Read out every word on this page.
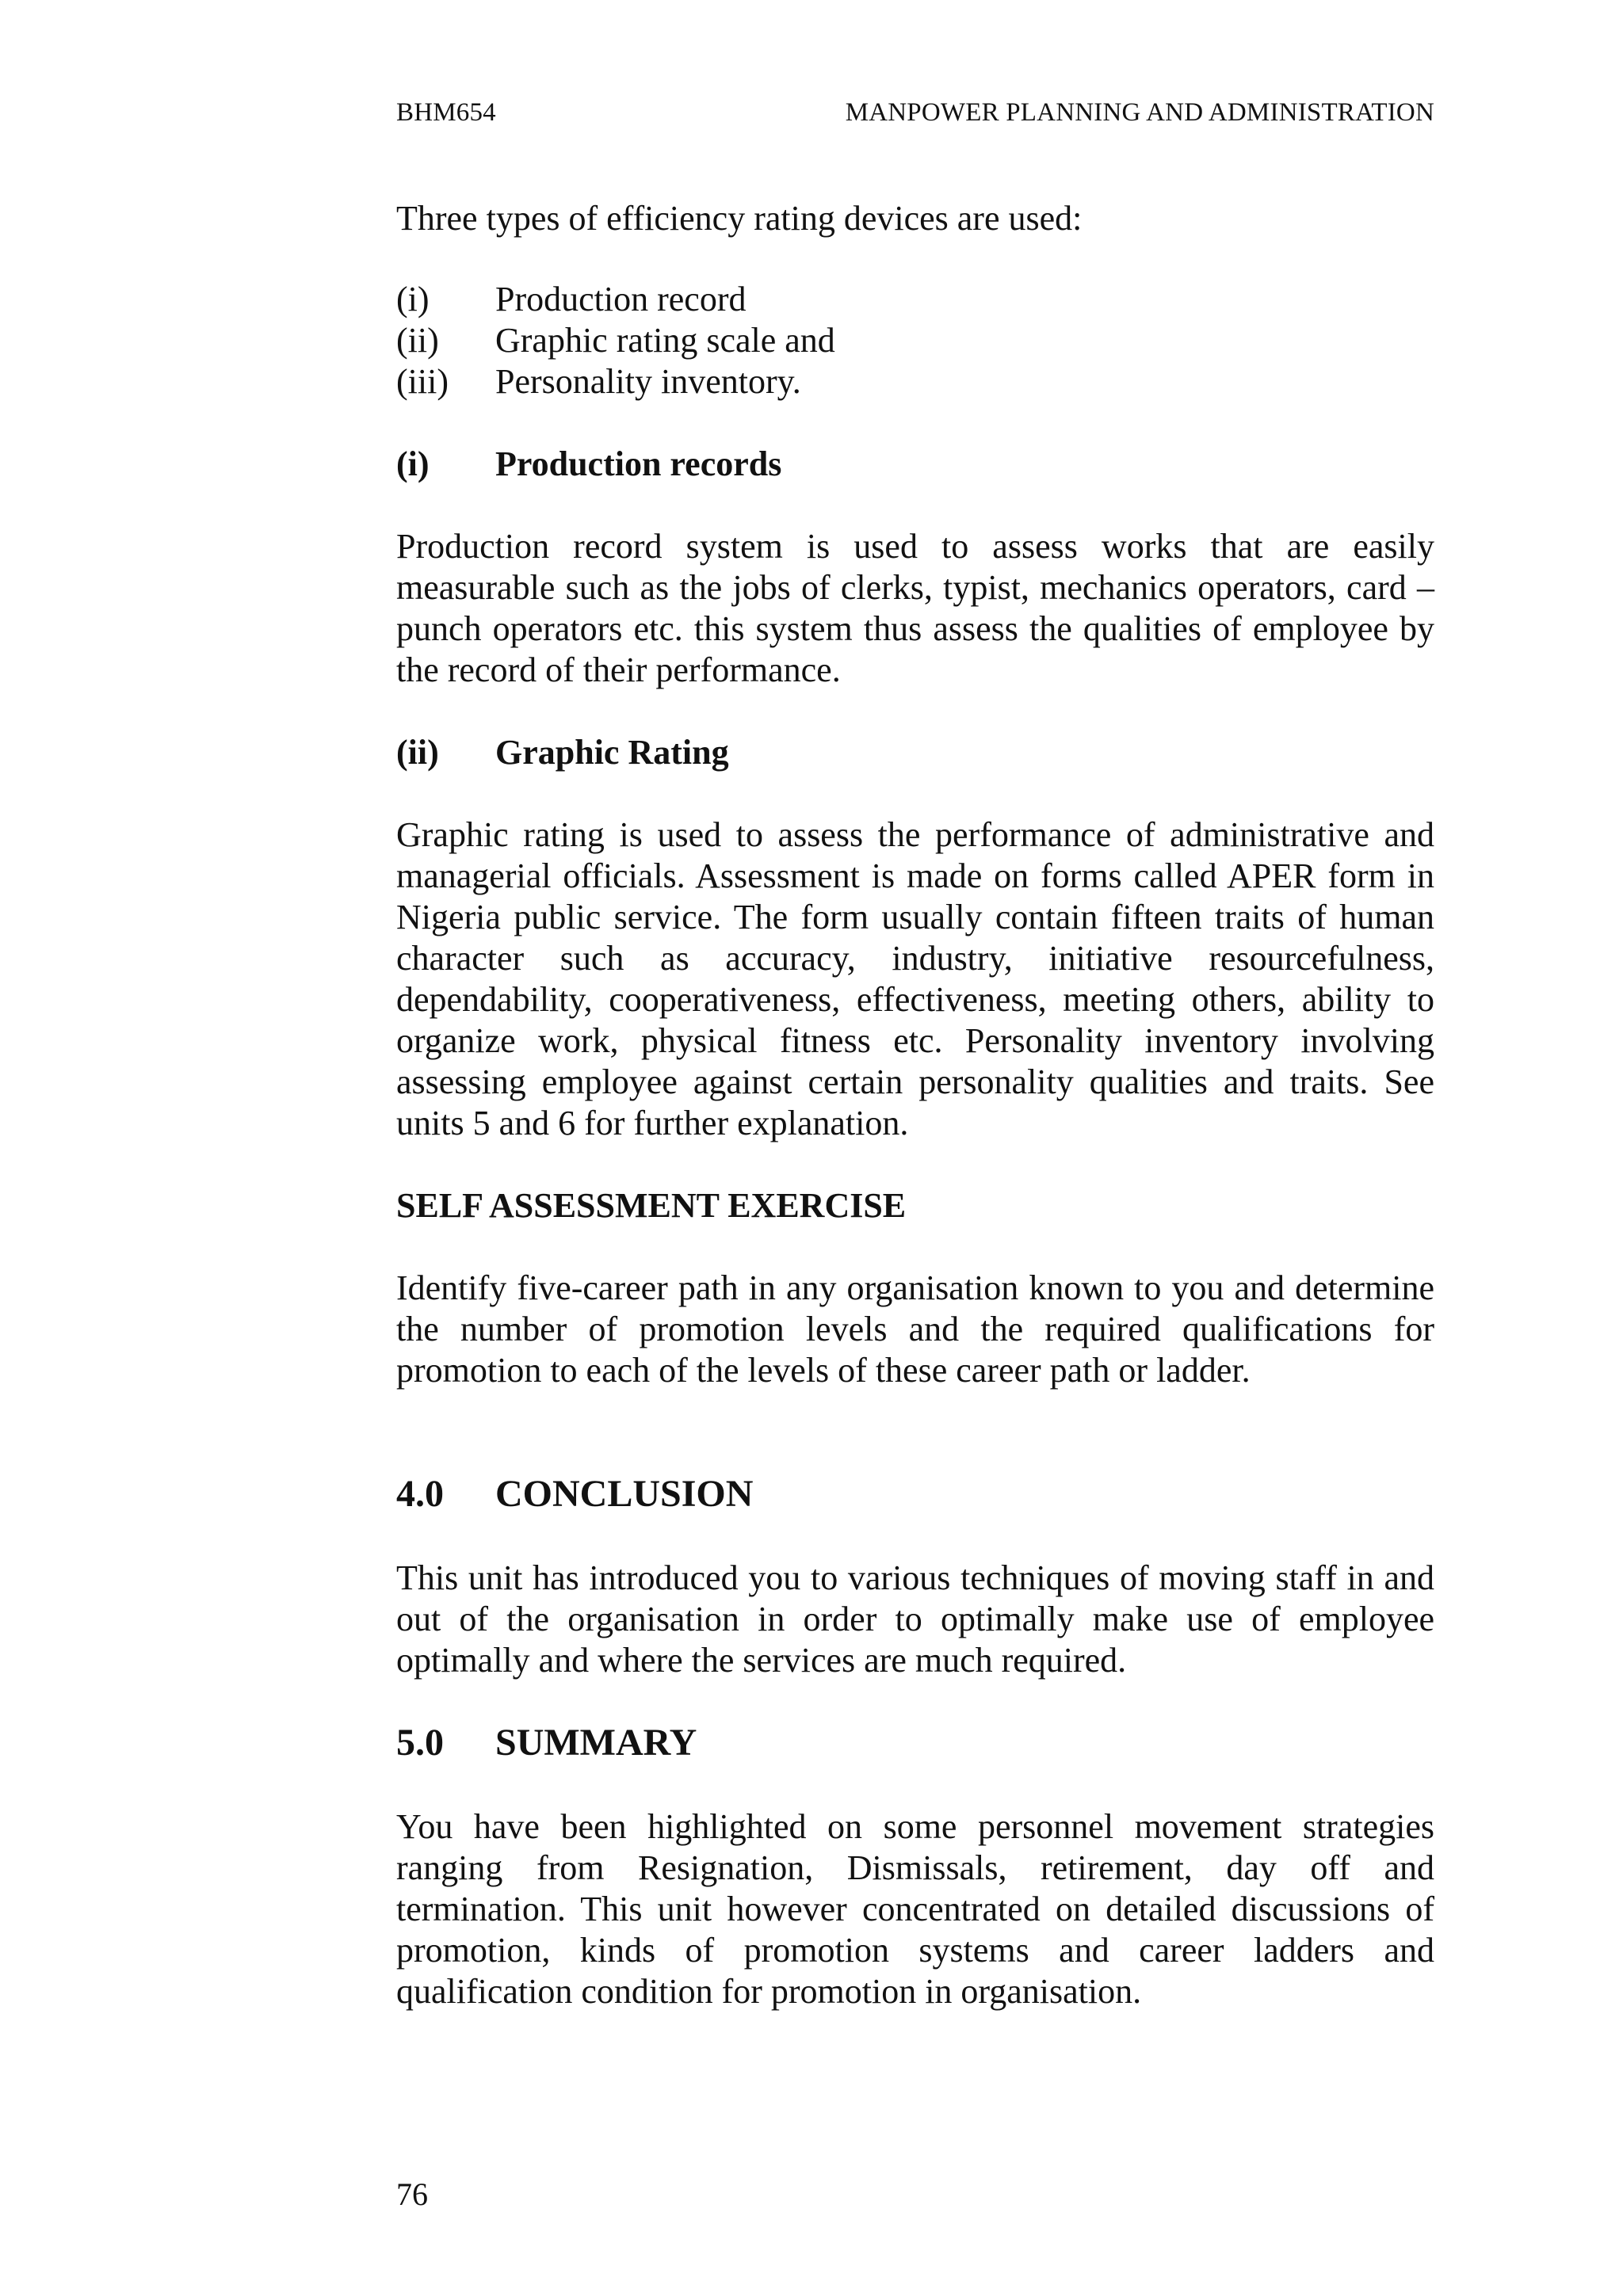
BHM654	MANPOWER PLANNING AND ADMINISTRATION

Three types of efficiency rating devices are used:

(i)	Production record
(ii)	Graphic rating scale and
(iii)	Personality inventory.
(i)	Production records

Production record system is used to assess works that are easily measurable such as the jobs of clerks, typist, mechanics operators, card – punch operators etc. this system thus assess the qualities of employee by the record of their performance.

(ii)	Graphic Rating

Graphic rating is used to assess the performance of administrative and managerial officials. Assessment is made on forms called APER form in Nigeria public service. The form usually contain fifteen traits of human character such as accuracy, industry, initiative resourcefulness, dependability, cooperativeness, effectiveness, meeting others, ability to organize work, physical fitness etc. Personality inventory involving assessing employee against certain personality qualities and traits. See units 5 and 6 for further explanation.

SELF ASSESSMENT EXERCISE

Identify five-career path in any organisation known to you and determine the number of promotion levels and the required qualifications for promotion to each of the levels of these career path or ladder.

4.0	CONCLUSION

This unit has introduced you to various techniques of moving staff in and out of the organisation in order to optimally make use of employee optimally and where the services are much required.

5.0	SUMMARY

You have been highlighted on some personnel movement strategies ranging from Resignation, Dismissals, retirement, day off and termination. This unit however concentrated on detailed discussions of promotion, kinds of promotion systems and career ladders and qualification condition for promotion in organisation.

76
